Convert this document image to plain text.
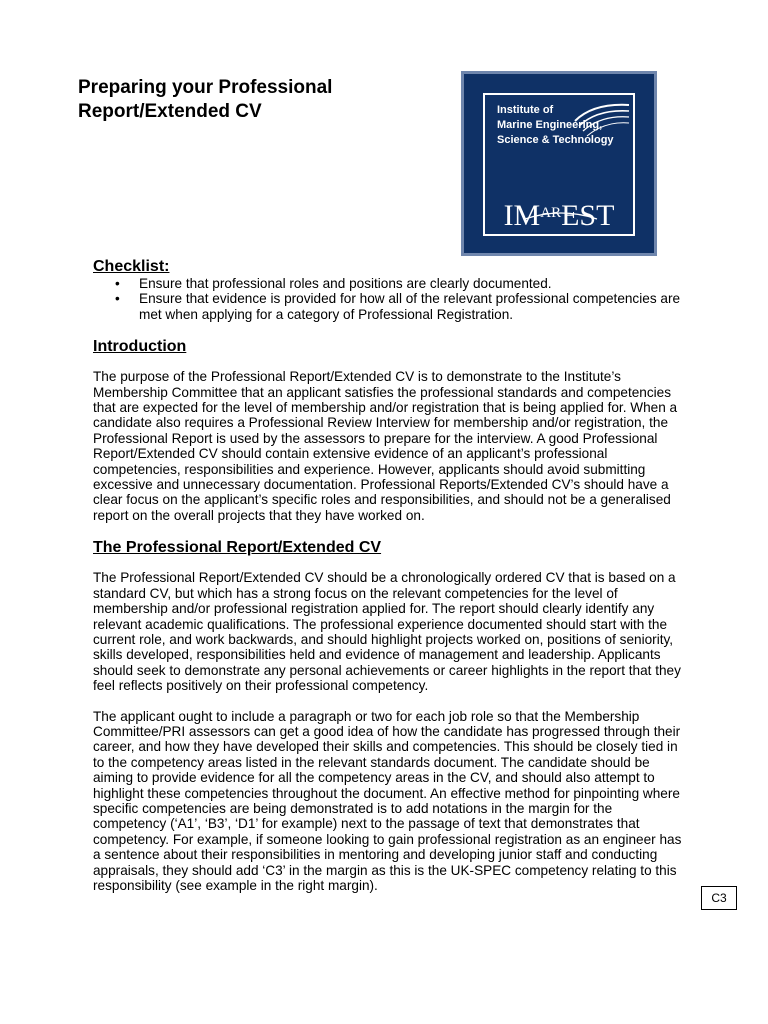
Preparing your Professional Report/Extended CV	Institute of
Marine Engineering,
Science & Technology
$IM^{AR}EST$
Checklist:
• Ensure that professional roles and positions are clearly documented.
• Ensure that evidence is provided for how all of the relevant professional competencies are met when applying for a category of Professional Registration.
Introduction

The purpose of the Professional Report/Extended CV is to demonstrate to the Institute’s Membership Committee that an applicant satisfies the professional standards and competencies that are expected for the level of membership and/or registration that is being applied for. When a candidate also requires a Professional Review Interview for membership and/or registration, the Professional Report is used by the assessors to prepare for the interview. A good Professional Report/Extended CV should contain extensive evidence of an applicant’s professional competencies, responsibilities and experience. However, applicants should avoid submitting excessive and unnecessary documentation. Professional Reports/Extended CV’s should have a clear focus on the applicant’s specific roles and responsibilities, and should not be a generalised report on the overall projects that they have worked on.

The Professional Report/Extended CV

The Professional Report/Extended CV should be a chronologically ordered CV that is based on a standard CV, but which has a strong focus on the relevant competencies for the level of membership and/or professional registration applied for. The report should clearly identify any relevant academic qualifications. The professional experience documented should start with the current role, and work backwards, and should highlight projects worked on, positions of seniority, skills developed, responsibilities held and evidence of management and leadership. Applicants should seek to demonstrate any personal achievements or career highlights in the report that they feel reflects positively on their professional competency.

The applicant ought to include a paragraph or two for each job role so that the Membership Committee/PRI assessors can get a good idea of how the candidate has progressed through their career, and how they have developed their skills and competencies. This should be closely tied in to the competency areas listed in the relevant standards document. The candidate should be aiming to provide evidence for all the competency areas in the CV, and should also attempt to highlight these competencies throughout the document. An effective method for pinpointing where specific competencies are being demonstrated is to add notations in the margin for the competency (‘A1’, ‘B3’, ‘D1’ for example) next to the passage of text that demonstrates that competency. For example, if someone looking to gain professional registration as an engineer has a sentence about their responsibilities in mentoring and developing junior staff and conducting appraisals, they should add ‘C3’ in the margin as this is the UK-SPEC competency relating to this responsibility (see example in the right margin).

C3
